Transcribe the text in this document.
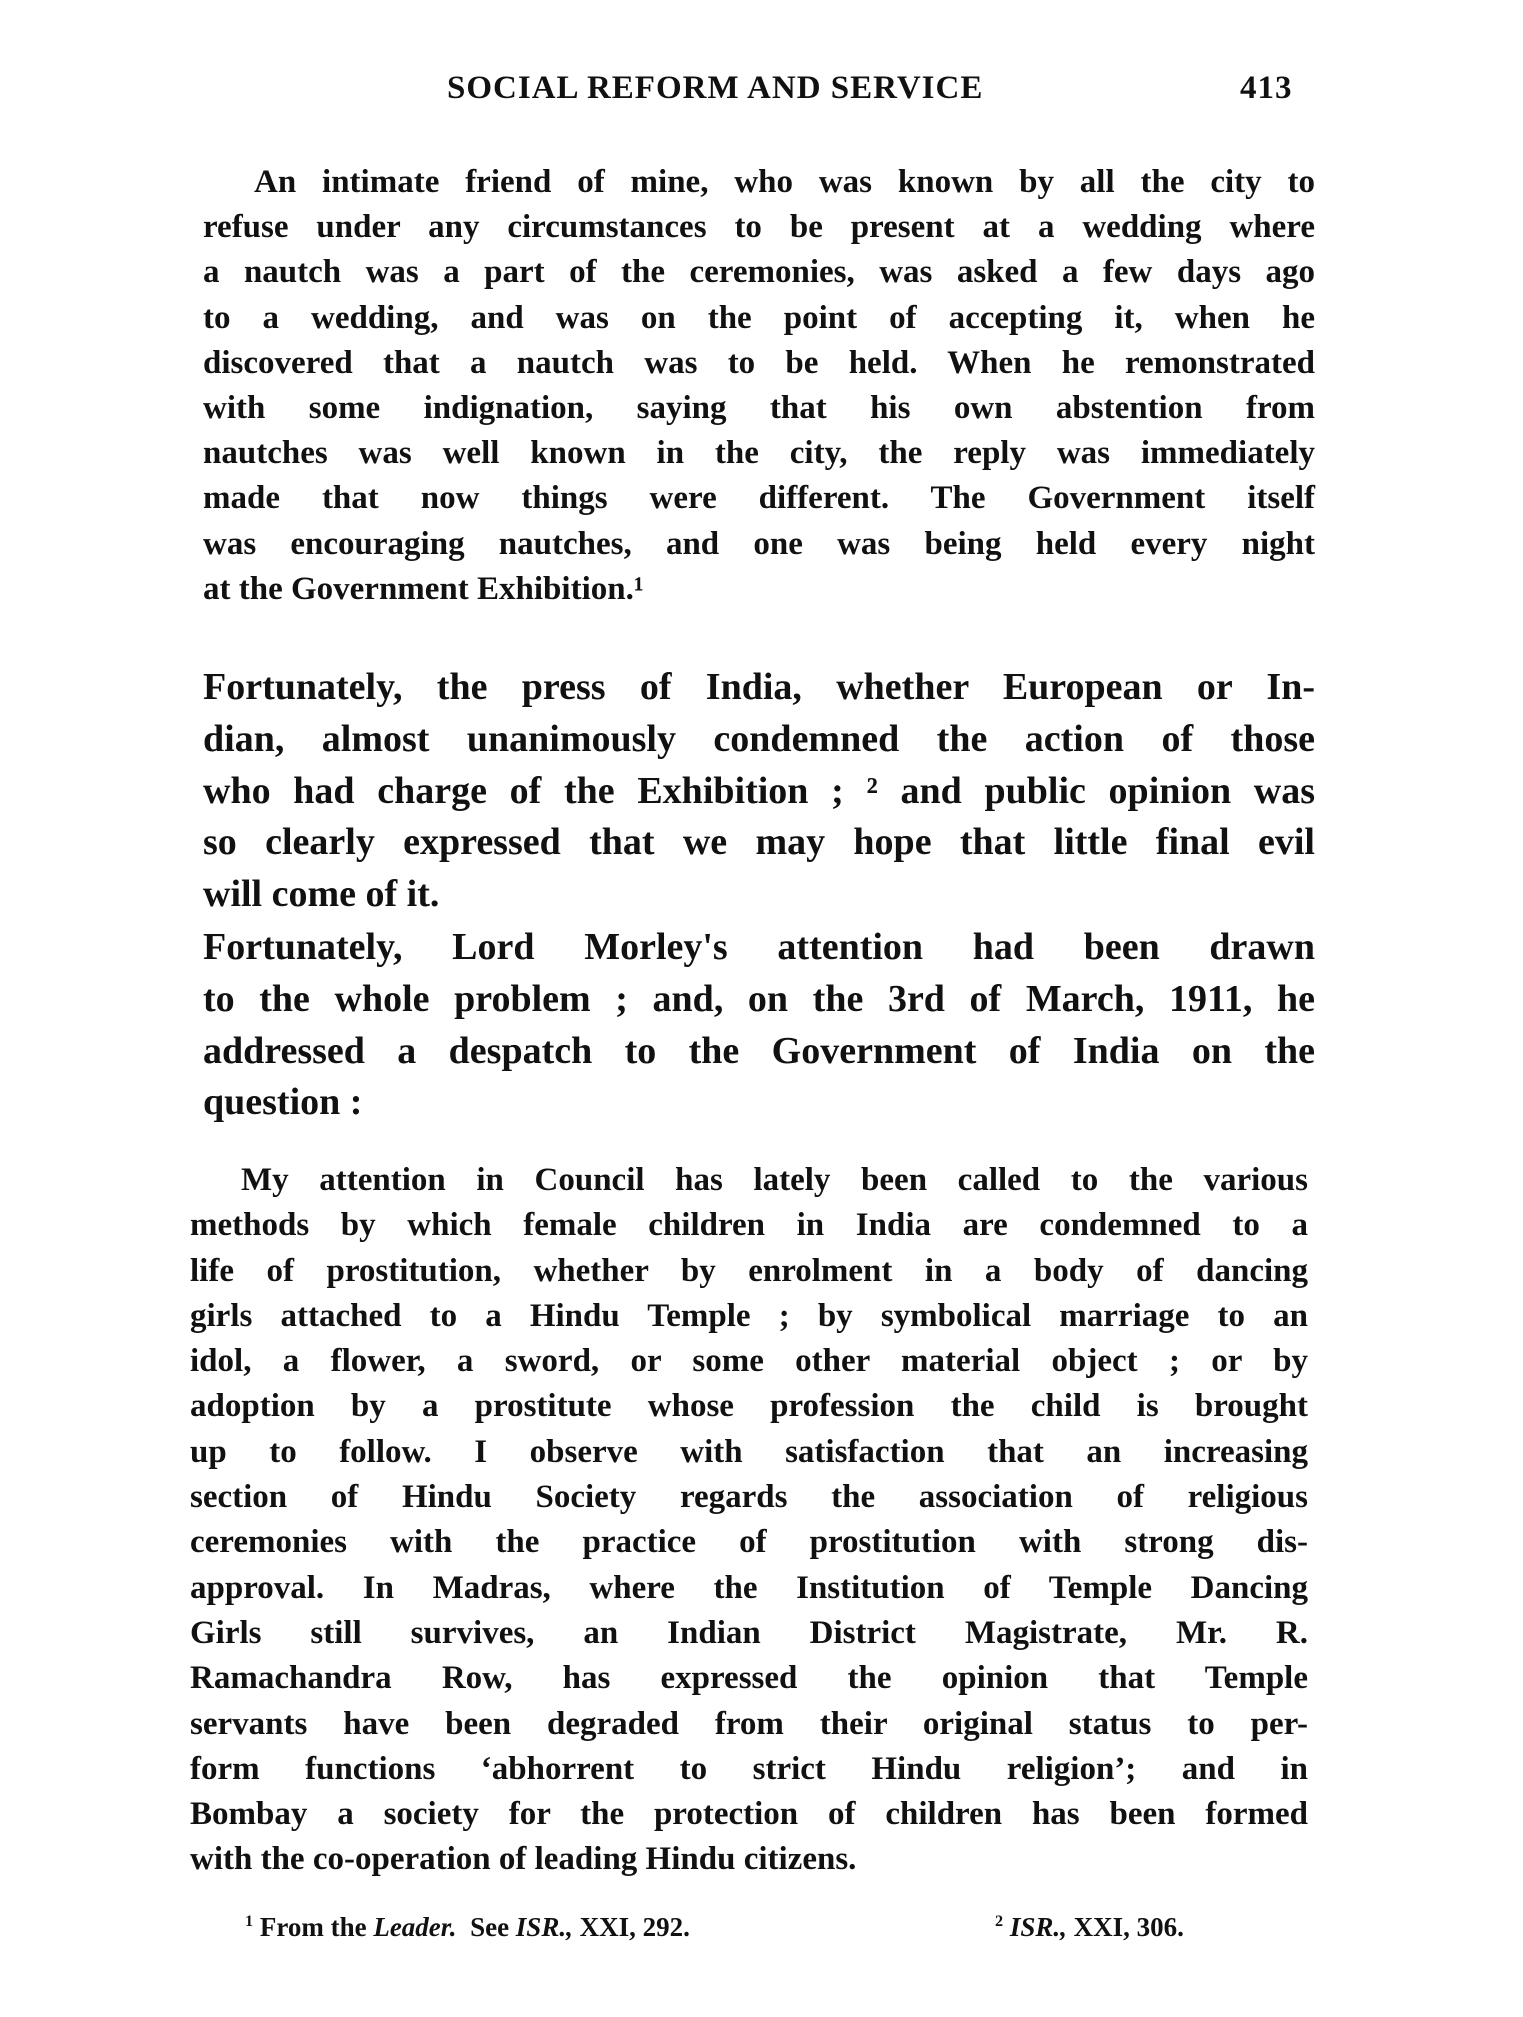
SOCIAL REFORM AND SERVICE	413
An intimate friend of mine, who was known by all the city to
refuse under any circumstances to be present at a wedding where
a nautch was a part of the ceremonies, was asked a few days ago
to a wedding, and was on the point of accepting it, when he
discovered that a nautch was to be held. When he remonstrated
with some indignation, saying that his own abstention from
nautches was well known in the city, the reply was immediately
made that now things were different. The Government itself
was encouraging nautches, and one was being held every night
at the Government Exhibition.¹
Fortunately, the press of India, whether European or In-
dian, almost unanimously condemned the action of those
who had charge of the Exhibition ; ² and public opinion was
so clearly expressed that we may hope that little final evil
will come of it.
Fortunately, Lord Morley's attention had been drawn
to the whole problem ; and, on the 3rd of March, 1911, he
addressed a despatch to the Government of India on the
question :
My attention in Council has lately been called to the various
methods by which female children in India are condemned to a
life of prostitution, whether by enrolment in a body of dancing
girls attached to a Hindu Temple ; by symbolical marriage to an
idol, a flower, a sword, or some other material object ; or by
adoption by a prostitute whose profession the child is brought
up to follow. I observe with satisfaction that an increasing
section of Hindu Society regards the association of religious
ceremonies with the practice of prostitution with strong dis-
approval. In Madras, where the Institution of Temple Dancing
Girls still survives, an Indian District Magistrate, Mr. R.
Ramachandra Row, has expressed the opinion that Temple
servants have been degraded from their original status to per-
form functions ‘abhorrent to strict Hindu religion’; and in
Bombay a society for the protection of children has been formed
with the co-operation of leading Hindu citizens.
$^1$ From the Leader.  See ISR., XXI, 292.	$^2$ ISR., XXI, 306.
